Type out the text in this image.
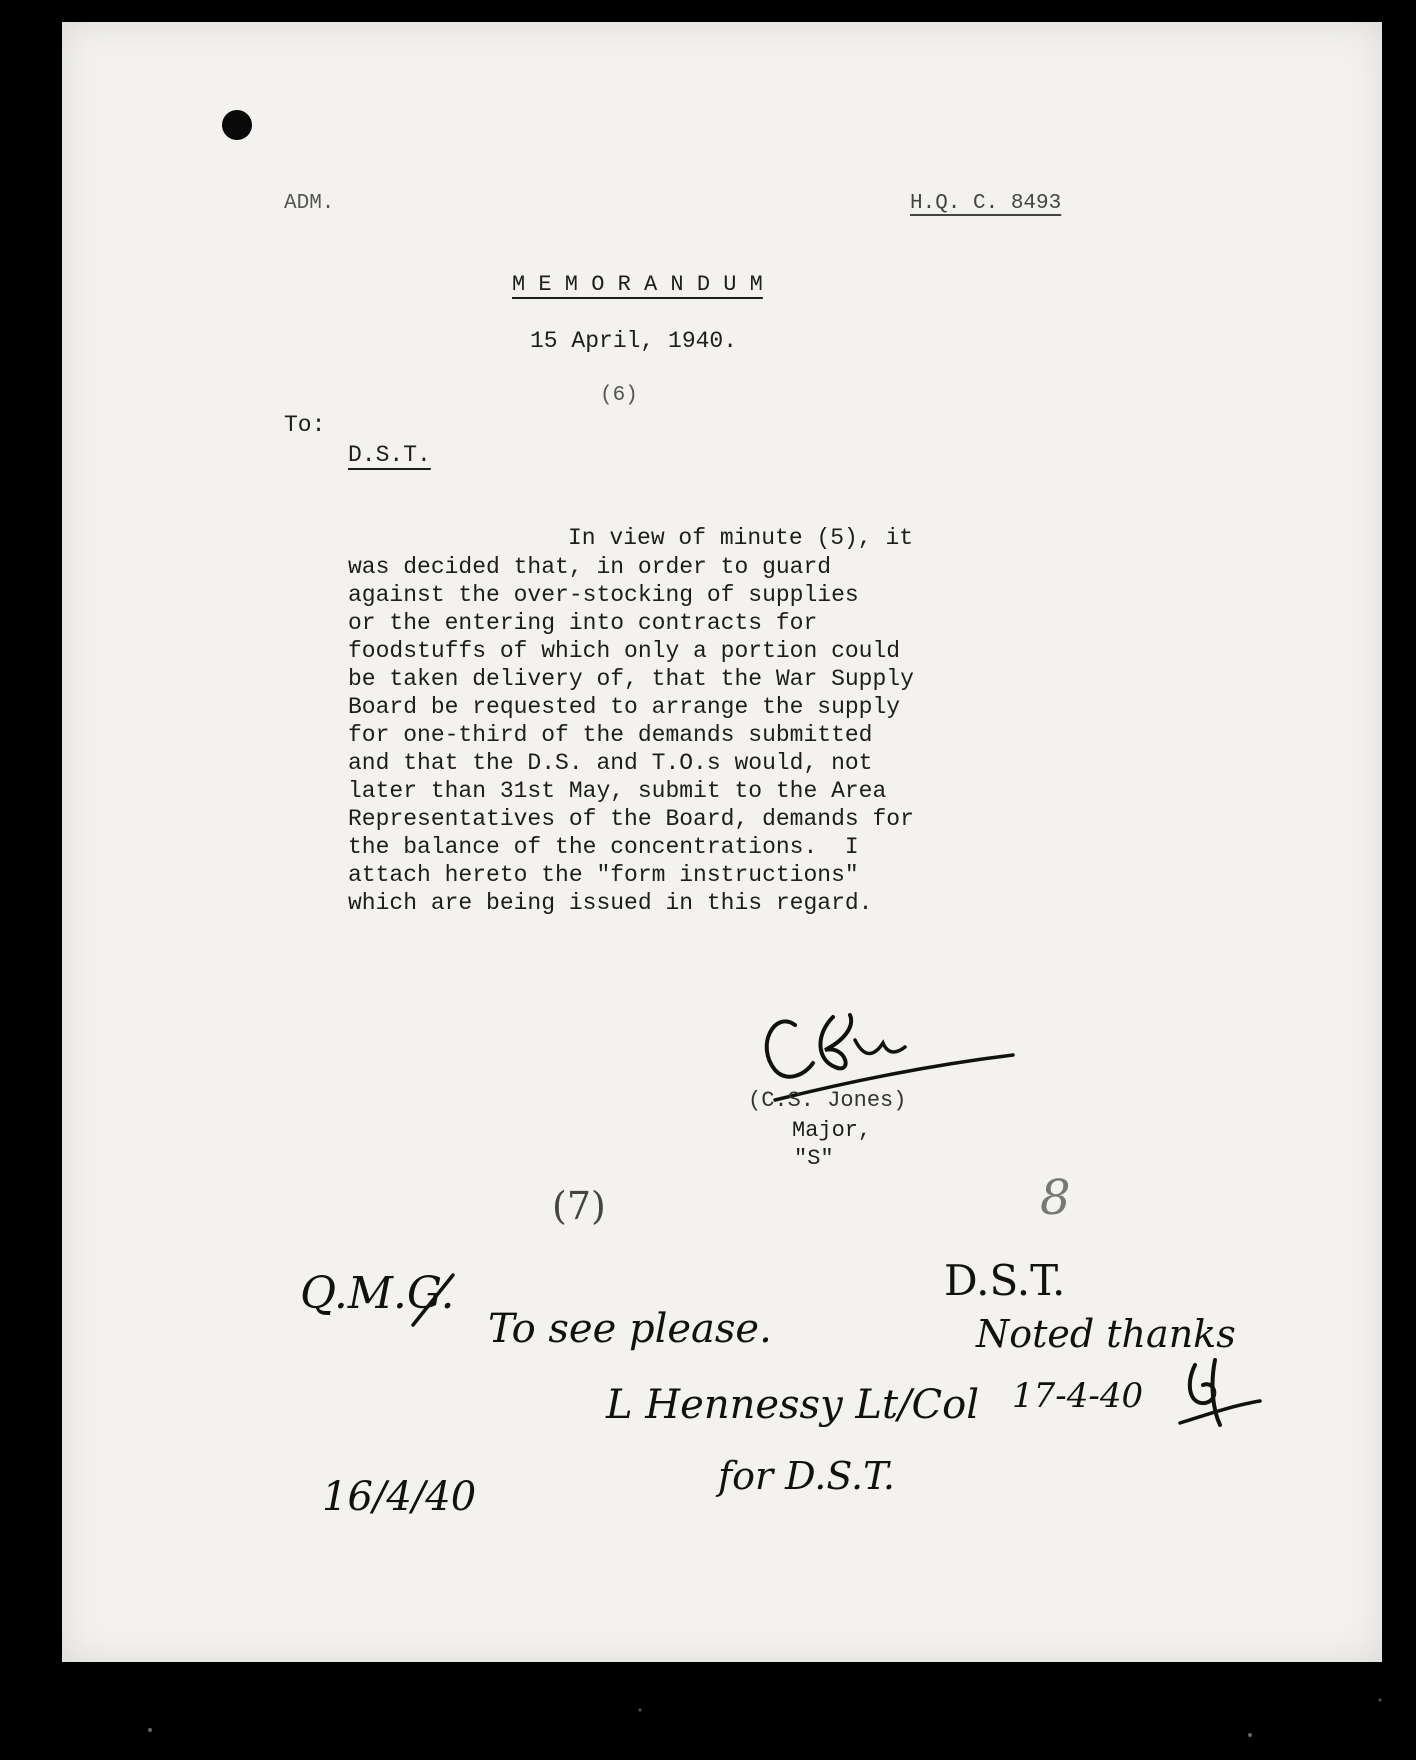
ADM.	H.Q. C. 8493
M E M O R A N D U M
15 April, 1940.
(6)
To:
D.S.T.
In view of minute (5), it
was decided that, in order to guard
against the over-stocking of supplies
or the entering into contracts for
foodstuffs of which only a portion could
be taken delivery of, that the War Supply
Board be requested to arrange the supply
for one-third of the demands submitted
and that the D.S. and T.O.s would, not
later than 31st May, submit to the Area
Representatives of the Board, demands for
the balance of the concentrations.  I
attach hereto the "form instructions"
which are being issued in this regard.
(C.S. Jones)
Major,
"S"
(7)	8
Q.M.G.
To see please.
L Hennessy Lt/Col
for D.S.T.
16/4/40
D.S.T.
Noted thanks
17-4-40
